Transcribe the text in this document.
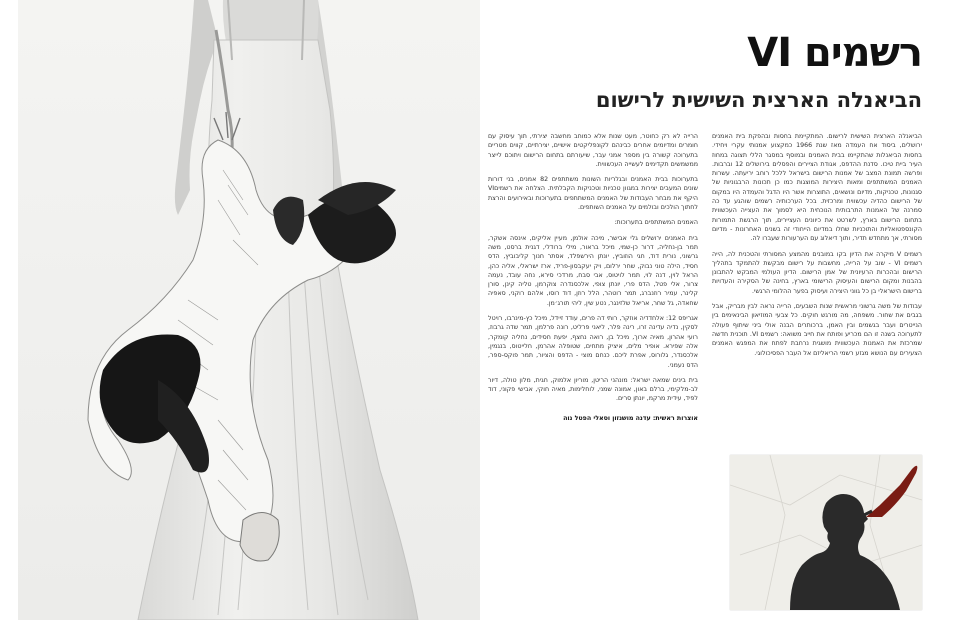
רשמים VI
הביאנלה הארצית השישית לרישום

הביאנלה הארצית השישית לרישום. המתקיימת בחסות ובהפקת בית האמנים ירושלים, ביסוד אח העמדה מאז שנת 1966 כמקצוע אמנותי עקרי ויחידי. בחסות הביאנלות שהתקיימו בבית האמנים ובמוסף במסגר הללי תצוגה במחוז העיר ביית טיכו. סדנת ההדפס, אגודת הציירים והפסלים בירושלים 12 וברבות. ופרשה תמונת המצב של אמנות הרישום בישראל ללכל רוחב יריעתה. עשרות האמנים המשתתפים ומאות היצירות המוצגות כמו כן תכונות הרבגוניות של סגנונות, טכניקות, מדיום ונושאים, התוצרות אשר היו הדגל והעמדה היו במקום של הרישום כהדיה עכשווית ומרכזית. בכל הערכותיה רשמים שוהגע עד כה סמרנה של האמנות התרבותית הנוכחית היא לסמוך את העצייה העכשווית בתחום הרישום בארץ, לשרטט את כיוונים העציירים, תוך הרגשת התמורות הקונספטואליות והתוכניות שחלו במדיום הייחודי זה בשנים האחרונות - מדיום מסורתי, אך מתחדש תדיר, ותוך דיאלוג עם הערעורות שעברו לה.

רשמים V מיקרה את הדיון בקו במובנים מהמצע המסורתי והטכנית לה, הייה רשמים VI - שוב על הרייה, מחשבות על רישום מבקשת להתמקד בתהליך הרישום ובהכרות הרעיונית של אמן הרישום. הדיון העולמי המבקש להתבונן בהבנות ומקום הרישום והעיסוק הרישומי בארץ, בחינה של הסקירה והעדויות ברישום הישראלי בן כל גווני היצירה ועיסוק בפער ההלומי הרגשי.

עבודות של משה גרשוני מראשית שנות השבעים, הרייה נראה לבין מבריק, אבל בגבים את שחור. משפחה, מה מורגש חוקים. כל צבעי המוזיאון הבינאימים בין הנייטרים ועבר בגשמים ובין האמן, ברכותרים הבנה אולי ביני שיתוף פעולה לתערוכה בשנה זו הם מכריע ופותח את חייב משואה: רשמים VI. תוכנית חדשה שמרכזת את האמנות העכשווית מושגית נרחבת לפתח את המפגש האמנים הצעירים עם הנושא מגזע רשמי הריאליזם אל העבר הפסיכולוגי.

הרייה לא רק כחוטר, מעט שנות אלא כמוחב מחשבה יצירתי, תוך עיסוק עם חומרים ומדיומים אחרים כבינהם לקונפליקטים אישיים, יצירתיים, קווים מטריים בתערוכה קשורה בין מספר אמני עבר, שיעורתם בתחום הרישום ויתוכם לייצר ממשמשים תקדימים לעשייה העכשווית.

בתערוכות בבית האמנים ובגלריות השונות משתתפים 82 אמנים, בני דורות שונים המעבים יצירות במגוון טכניות וטכניקות הקבלתית. הצלחה את רשמיםVI היקף את מבחר העבודות של האמנים המשתתפים בתערוכות ובאירועים והרצת לחתוך הולכים ובולמים על האמנים השותפים.

האמנים המשתתפים בתערוכות:

בית האמנים ירושלים גלי אבישר, מיכה אולמן, מעיין אליקים, אינסה אשקר, תמר בן-נחליה, דרור כן-שמי, מיכל בראור, מילי ברודלי, דגנית ברסט, משה גרשוני, נורית דוד, חגי הוזוביץ, יונתן הירשפלד, אסתר חנוך קליבוביץ, הדס חסיד, הילה טוני נבוק, שחר ירלום, ויק יעקבסון-פריד, ארז ישראלי, אליה כהן, הראל לוין, דנה לוי, תמר לויטוס, אבי סבח, מרדכי סירא, נחה עובד, נעמה צרור, אלי פטל, הדס פרי, יונתן צופי, אלכסנדרה צוקרמן, טליה קינן, סורן קלינר, עמיר רוזנברג, תמר רוטהר, הלל רוזן, דוד רוסו, אלהם רוקני, סאפיה שחאדה, גל שחר, אריאל שלזינגר, נטע שין, ליהי תורג׳מן.

אגריפס 12: אלחדדיה אוזקר, רותי דה פרים, עודד זיידל, מיכל כץ-מינרבו, רויטל לסקין, נדיה עדינה זרו, רינה פלר, ליאני פרליט, רונה פרלמן, תמר שדה גרבוז, רועי אהרון, מאיה ארוך, מיכל בן, רואה נחצף, יפעת חסידים, נחליה קומקר, אלה שפירא. אופיר מלים, איציק מתחים, שטופלה אהרמן, חלייטוס, בנגמין, אלכסנדר, גלורוס, אפרת ליכם. כנחם מוצי - הדפס והציור, תמר פוקס-ספר, הדס נעמני.

בית בינים שמאה ישראל: מונהני הריטן, מוריון אלמוק, חגית, מלון טולה, דיור לב-מלקימי, ברלם באון, אמונה שמני, לוחלימות, מאיה חוקי, אבישי פקוני, דוד לפיד, עידית מרקמ, יונתן סרים.

אוצרות ראשית: עדנה מושנזון וסאלי הפטל נוה
